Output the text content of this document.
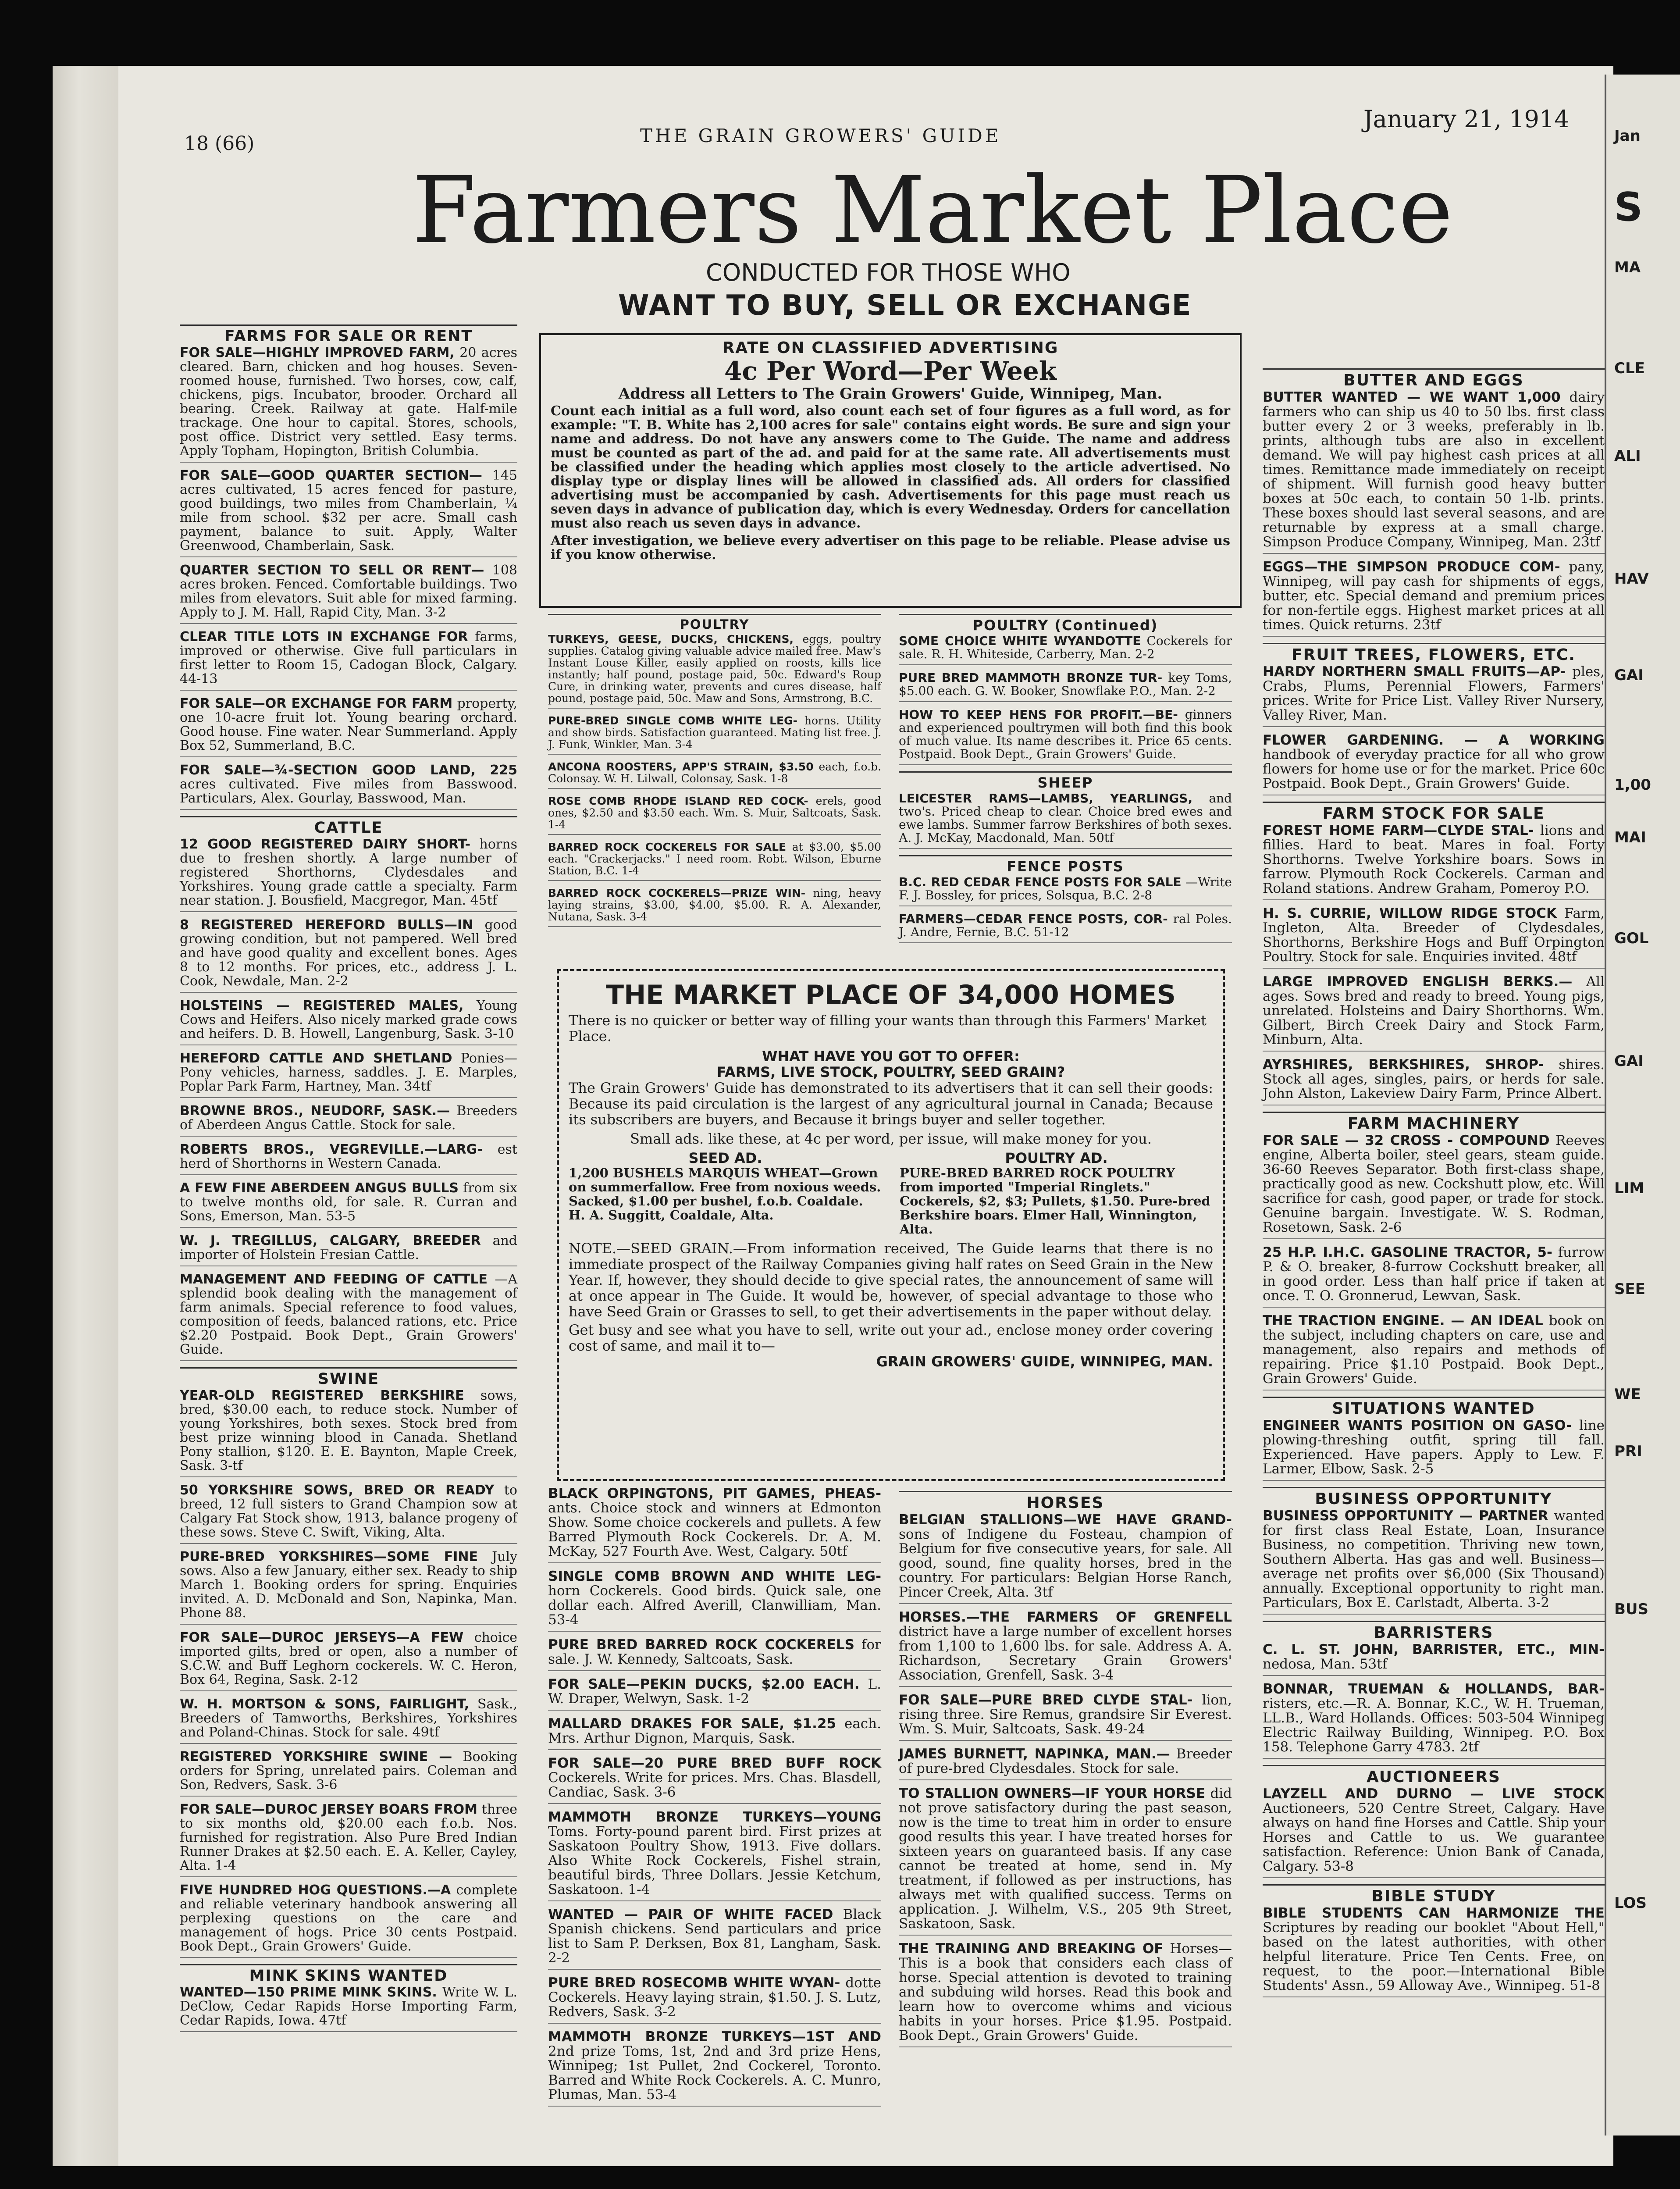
18 (66)	THE GRAIN GROWERS' GUIDE
January 21, 1914
Farmers Market Place
CONDUCTED FOR THOSE WHO
WANT TO BUY, SELL OR EXCHANGE
FARMS FOR SALE OR RENT
FOR SALE—HIGHLY IMPROVED FARM, 20 acres cleared. Barn, chicken and hog houses. Seven-roomed house, furnished. Two horses, cow, calf, chickens, pigs. Incubator, brooder. Orchard all bearing. Creek. Railway at gate. Half-mile trackage. One hour to capital. Stores, schools, post office. District very settled. Easy terms. Apply Topham, Hopington, British Columbia.
FOR SALE—GOOD QUARTER SECTION— 145 acres cultivated, 15 acres fenced for pasture, good buildings, two miles from Chamberlain, ¼ mile from school. $32 per acre. Small cash payment, balance to suit. Apply, Walter Greenwood, Chamberlain, Sask.
QUARTER SECTION TO SELL OR RENT— 108 acres broken. Fenced. Comfortable buildings. Two miles from elevators. Suit able for mixed farming. Apply to J. M. Hall, Rapid City, Man. 3-2
CLEAR TITLE LOTS IN EXCHANGE FOR farms, improved or otherwise. Give full particulars in first letter to Room 15, Cadogan Block, Calgary. 44-13
FOR SALE—OR EXCHANGE FOR FARM property, one 10-acre fruit lot. Young bearing orchard. Good house. Fine water. Near Summerland. Apply Box 52, Summerland, B.C.
FOR SALE—¾-SECTION GOOD LAND, 225 acres cultivated. Five miles from Basswood. Particulars, Alex. Gourlay, Basswood, Man.
CATTLE
12 GOOD REGISTERED DAIRY SHORT- horns due to freshen shortly. A large number of registered Shorthorns, Clydesdales and Yorkshires. Young grade cattle a specialty. Farm near station. J. Bousfield, Macgregor, Man. 45tf
8 REGISTERED HEREFORD BULLS—IN good growing condition, but not pampered. Well bred and have good quality and excellent bones. Ages 8 to 12 months. For prices, etc., address J. L. Cook, Newdale, Man. 2-2
HOLSTEINS — REGISTERED MALES, Young Cows and Heifers. Also nicely marked grade cows and heifers. D. B. Howell, Langenburg, Sask. 3-10
HEREFORD CATTLE AND SHETLAND Ponies—Pony vehicles, harness, saddles. J. E. Marples, Poplar Park Farm, Hartney, Man. 34tf
BROWNE BROS., NEUDORF, SASK.— Breeders of Aberdeen Angus Cattle. Stock for sale.
ROBERTS BROS., VEGREVILLE.—LARG- est herd of Shorthorns in Western Canada.
A FEW FINE ABERDEEN ANGUS BULLS from six to twelve months old, for sale. R. Curran and Sons, Emerson, Man. 53-5
W. J. TREGILLUS, CALGARY, BREEDER and importer of Holstein Fresian Cattle.
MANAGEMENT AND FEEDING OF CATTLE —A splendid book dealing with the management of farm animals. Special reference to food values, composition of feeds, balanced rations, etc. Price $2.20 Postpaid. Book Dept., Grain Growers' Guide.
SWINE
YEAR-OLD REGISTERED BERKSHIRE sows, bred, $30.00 each, to reduce stock. Number of young Yorkshires, both sexes. Stock bred from best prize winning blood in Canada. Shetland Pony stallion, $120. E. E. Baynton, Maple Creek, Sask. 3-tf
50 YORKSHIRE SOWS, BRED OR READY to breed, 12 full sisters to Grand Champion sow at Calgary Fat Stock show, 1913, balance progeny of these sows. Steve C. Swift, Viking, Alta.
PURE-BRED YORKSHIRES—SOME FINE July sows. Also a few January, either sex. Ready to ship March 1. Booking orders for spring. Enquiries invited. A. D. McDonald and Son, Napinka, Man. Phone 88.
FOR SALE—DUROC JERSEYS—A FEW choice imported gilts, bred or open, also a number of S.C.W. and Buff Leghorn cockerels. W. C. Heron, Box 64, Regina, Sask. 2-12
W. H. MORTSON & SONS, FAIRLIGHT, Sask., Breeders of Tamworths, Berkshires, Yorkshires and Poland-Chinas. Stock for sale. 49tf
REGISTERED YORKSHIRE SWINE — Booking orders for Spring, unrelated pairs. Coleman and Son, Redvers, Sask. 3-6
FOR SALE—DUROC JERSEY BOARS FROM three to six months old, $20.00 each f.o.b. Nos. furnished for registration. Also Pure Bred Indian Runner Drakes at $2.50 each. E. A. Keller, Cayley, Alta. 1-4
FIVE HUNDRED HOG QUESTIONS.—A complete and reliable veterinary handbook answering all perplexing questions on the care and management of hogs. Price 30 cents Postpaid. Book Dept., Grain Growers' Guide.
MINK SKINS WANTED
WANTED—150 PRIME MINK SKINS. Write W. L. DeClow, Cedar Rapids Horse Importing Farm, Cedar Rapids, Iowa. 47tf
RATE ON CLASSIFIED ADVERTISING
4c Per Word—Per Week
Address all Letters to The Grain Growers' Guide, Winnipeg, Man.
Count each initial as a full word, also count each set of four figures as a full word, as for example: "T. B. White has 2,100 acres for sale" contains eight words. Be sure and sign your name and address. Do not have any answers come to The Guide. The name and address must be counted as part of the ad. and paid for at the same rate. All advertisements must be classified under the heading which applies most closely to the article advertised. No display type or display lines will be allowed in classified ads. All orders for classified advertising must be accompanied by cash. Advertisements for this page must reach us seven days in advance of publication day, which is every Wednesday. Orders for cancellation must also reach us seven days in advance.
After investigation, we believe every advertiser on this page to be reliable. Please advise us if you know otherwise.
POULTRY
TURKEYS, GEESE, DUCKS, CHICKENS, eggs, poultry supplies. Catalog giving valuable advice mailed free. Maw's Instant Louse Killer, easily applied on roosts, kills lice instantly; half pound, postage paid, 50c. Edward's Roup Cure, in drinking water, prevents and cures disease, half pound, postage paid, 50c. Maw and Sons, Armstrong, B.C.
PURE-BRED SINGLE COMB WHITE LEG- horns. Utility and show birds. Satisfaction guaranteed. Mating list free. J. J. Funk, Winkler, Man. 3-4
ANCONA ROOSTERS, APP'S STRAIN, $3.50 each, f.o.b. Colonsay. W. H. Lilwall, Colonsay, Sask. 1-8
ROSE COMB RHODE ISLAND RED COCK- erels, good ones, $2.50 and $3.50 each. Wm. S. Muir, Saltcoats, Sask. 1-4
BARRED ROCK COCKERELS FOR SALE at $3.00, $5.00 each. "Crackerjacks." I need room. Robt. Wilson, Eburne Station, B.C. 1-4
BARRED ROCK COCKERELS—PRIZE WIN- ning, heavy laying strains, $3.00, $4.00, $5.00. R. A. Alexander, Nutana, Sask. 3-4
POULTRY (Continued)
SOME CHOICE WHITE WYANDOTTE Cockerels for sale. R. H. Whiteside, Carberry, Man. 2-2
PURE BRED MAMMOTH BRONZE TUR- key Toms, $5.00 each. G. W. Booker, Snowflake P.O., Man. 2-2
HOW TO KEEP HENS FOR PROFIT.—BE- ginners and experienced poultrymen will both find this book of much value. Its name describes it. Price 65 cents. Postpaid. Book Dept., Grain Growers' Guide.
SHEEP
LEICESTER RAMS—LAMBS, YEARLINGS, and two's. Priced cheap to clear. Choice bred ewes and ewe lambs. Summer farrow Berkshires of both sexes. A. J. McKay, Macdonald, Man. 50tf
FENCE POSTS
B.C. RED CEDAR FENCE POSTS FOR SALE —Write F. J. Bossley, for prices, Solsqua, B.C. 2-8
FARMERS—CEDAR FENCE POSTS, COR- ral Poles. J. Andre, Fernie, B.C. 51-12
THE MARKET PLACE OF 34,000 HOMES
There is no quicker or better way of filling your wants than through this Farmers' Market Place.
WHAT HAVE YOU GOT TO OFFER:
FARMS, LIVE STOCK, POULTRY, SEED GRAIN?
The Grain Growers' Guide has demonstrated to its advertisers that it can sell their goods: Because its paid circulation is the largest of any agricultural journal in Canada; Because its subscribers are buyers, and Because it brings buyer and seller together.
Small ads. like these, at 4c per word, per issue, will make money for you.
SEED AD.
1,200 BUSHELS MARQUIS WHEAT—Grown on summerfallow. Free from noxious weeds. Sacked, $1.00 per bushel, f.o.b. Coaldale. H. A. Suggitt, Coaldale, Alta.
POULTRY AD.
PURE-BRED BARRED ROCK POULTRY from imported "Imperial Ringlets." Cockerels, $2, $3; Pullets, $1.50. Pure-bred Berkshire boars. Elmer Hall, Winnington, Alta.
NOTE.—SEED GRAIN.—From information received, The Guide learns that there is no immediate prospect of the Railway Companies giving half rates on Seed Grain in the New Year. If, however, they should decide to give special rates, the announcement of same will at once appear in The Guide. It would be, however, of special advantage to those who have Seed Grain or Grasses to sell, to get their advertisements in the paper without delay.
Get busy and see what you have to sell, write out your ad., enclose money order covering cost of same, and mail it to—
GRAIN GROWERS' GUIDE, WINNIPEG, MAN.
BLACK ORPINGTONS, PIT GAMES, PHEAS- ants. Choice stock and winners at Edmonton Show. Some choice cockerels and pullets. A few Barred Plymouth Rock Cockerels. Dr. A. M. McKay, 527 Fourth Ave. West, Calgary. 50tf
SINGLE COMB BROWN AND WHITE LEG- horn Cockerels. Good birds. Quick sale, one dollar each. Alfred Averill, Clanwilliam, Man. 53-4
PURE BRED BARRED ROCK COCKERELS for sale. J. W. Kennedy, Saltcoats, Sask.
FOR SALE—PEKIN DUCKS, $2.00 EACH. L. W. Draper, Welwyn, Sask. 1-2
MALLARD DRAKES FOR SALE, $1.25 each. Mrs. Arthur Dignon, Marquis, Sask.
FOR SALE—20 PURE BRED BUFF ROCK Cockerels. Write for prices. Mrs. Chas. Blasdell, Candiac, Sask. 3-6
MAMMOTH BRONZE TURKEYS—YOUNG Toms. Forty-pound parent bird. First prizes at Saskatoon Poultry Show, 1913. Five dollars. Also White Rock Cockerels, Fishel strain, beautiful birds, Three Dollars. Jessie Ketchum, Saskatoon. 1-4
WANTED — PAIR OF WHITE FACED Black Spanish chickens. Send particulars and price list to Sam P. Derksen, Box 81, Langham, Sask. 2-2
PURE BRED ROSECOMB WHITE WYAN- dotte Cockerels. Heavy laying strain, $1.50. J. S. Lutz, Redvers, Sask. 3-2
MAMMOTH BRONZE TURKEYS—1ST AND 2nd prize Toms, 1st, 2nd and 3rd prize Hens, Winnipeg; 1st Pullet, 2nd Cockerel, Toronto. Barred and White Rock Cockerels. A. C. Munro, Plumas, Man. 53-4
HORSES
BELGIAN STALLIONS—WE HAVE GRAND- sons of Indigene du Fosteau, champion of Belgium for five consecutive years, for sale. All good, sound, fine quality horses, bred in the country. For particulars: Belgian Horse Ranch, Pincer Creek, Alta. 3tf
HORSES.—THE FARMERS OF GRENFELL district have a large number of excellent horses from 1,100 to 1,600 lbs. for sale. Address A. A. Richardson, Secretary Grain Growers' Association, Grenfell, Sask. 3-4
FOR SALE—PURE BRED CLYDE STAL- lion, rising three. Sire Remus, grandsire Sir Everest. Wm. S. Muir, Saltcoats, Sask. 49-24
JAMES BURNETT, NAPINKA, MAN.— Breeder of pure-bred Clydesdales. Stock for sale.
TO STALLION OWNERS—IF YOUR HORSE did not prove satisfactory during the past season, now is the time to treat him in order to ensure good results this year. I have treated horses for sixteen years on guaranteed basis. If any case cannot be treated at home, send in. My treatment, if followed as per instructions, has always met with qualified success. Terms on application. J. Wilhelm, V.S., 205 9th Street, Saskatoon, Sask.
THE TRAINING AND BREAKING OF Horses—This is a book that considers each class of horse. Special attention is devoted to training and subduing wild horses. Read this book and learn how to overcome whims and vicious habits in your horses. Price $1.95. Postpaid. Book Dept., Grain Growers' Guide.
BUTTER AND EGGS
BUTTER WANTED — WE WANT 1,000 dairy farmers who can ship us 40 to 50 lbs. first class butter every 2 or 3 weeks, preferably in lb. prints, although tubs are also in excellent demand. We will pay highest cash prices at all times. Remittance made immediately on receipt of shipment. Will furnish good heavy butter boxes at 50c each, to contain 50 1-lb. prints. These boxes should last several seasons, and are returnable by express at a small charge. Simpson Produce Company, Winnipeg, Man. 23tf
EGGS—THE SIMPSON PRODUCE COM- pany, Winnipeg, will pay cash for shipments of eggs, butter, etc. Special demand and premium prices for non-fertile eggs. Highest market prices at all times. Quick returns. 23tf
FRUIT TREES, FLOWERS, ETC.
HARDY NORTHERN SMALL FRUITS—AP- ples, Crabs, Plums, Perennial Flowers, Farmers' prices. Write for Price List. Valley River Nursery, Valley River, Man.
FLOWER GARDENING. — A WORKING handbook of everyday practice for all who grow flowers for home use or for the market. Price 60c Postpaid. Book Dept., Grain Growers' Guide.
FARM STOCK FOR SALE
FOREST HOME FARM—CLYDE STAL- lions and fillies. Hard to beat. Mares in foal. Forty Shorthorns. Twelve Yorkshire boars. Sows in farrow. Plymouth Rock Cockerels. Carman and Roland stations. Andrew Graham, Pomeroy P.O.
H. S. CURRIE, WILLOW RIDGE STOCK Farm, Ingleton, Alta. Breeder of Clydesdales, Shorthorns, Berkshire Hogs and Buff Orpington Poultry. Stock for sale. Enquiries invited. 48tf
LARGE IMPROVED ENGLISH BERKS.— All ages. Sows bred and ready to breed. Young pigs, unrelated. Holsteins and Dairy Shorthorns. Wm. Gilbert, Birch Creek Dairy and Stock Farm, Minburn, Alta.
AYRSHIRES, BERKSHIRES, SHROP- shires. Stock all ages, singles, pairs, or herds for sale. John Alston, Lakeview Dairy Farm, Prince Albert.
FARM MACHINERY
FOR SALE — 32 CROSS - COMPOUND Reeves engine, Alberta boiler, steel gears, steam guide. 36-60 Reeves Separator. Both first-class shape, practically good as new. Cockshutt plow, etc. Will sacrifice for cash, good paper, or trade for stock. Genuine bargain. Investigate. W. S. Rodman, Rosetown, Sask. 2-6
25 H.P. I.H.C. GASOLINE TRACTOR, 5- furrow P. & O. breaker, 8-furrow Cockshutt breaker, all in good order. Less than half price if taken at once. T. O. Gronnerud, Lewvan, Sask.
THE TRACTION ENGINE. — AN IDEAL book on the subject, including chapters on care, use and management, also repairs and methods of repairing. Price $1.10 Postpaid. Book Dept., Grain Growers' Guide.
SITUATIONS WANTED
ENGINEER WANTS POSITION ON GASO- line plowing-threshing outfit, spring till fall. Experienced. Have papers. Apply to Lew. F. Larmer, Elbow, Sask. 2-5
BUSINESS OPPORTUNITY
BUSINESS OPPORTUNITY — PARTNER wanted for first class Real Estate, Loan, Insurance Business, no competition. Thriving new town, Southern Alberta. Has gas and well. Business—average net profits over $6,000 (Six Thousand) annually. Exceptional opportunity to right man. Particulars, Box E. Carlstadt, Alberta. 3-2
BARRISTERS
C. L. ST. JOHN, BARRISTER, ETC., MIN- nedosa, Man. 53tf
BONNAR, TRUEMAN & HOLLANDS, BAR- risters, etc.—R. A. Bonnar, K.C., W. H. Trueman, LL.B., Ward Hollands. Offices: 503-504 Winnipeg Electric Railway Building, Winnipeg. P.O. Box 158. Telephone Garry 4783. 2tf
AUCTIONEERS
LAYZELL AND DURNO — LIVE STOCK Auctioneers, 520 Centre Street, Calgary. Have always on hand fine Horses and Cattle. Ship your Horses and Cattle to us. We guarantee satisfaction. Reference: Union Bank of Canada, Calgary. 53-8
BIBLE STUDY
BIBLE STUDENTS CAN HARMONIZE THE Scriptures by reading our booklet "About Hell," based on the latest authorities, with other helpful literature. Price Ten Cents. Free, on request, to the poor.—International Bible Students' Assn., 59 Alloway Ave., Winnipeg. 51-8
Jan
S
MA
CLE
ALI
HAV
GAI
1,00
MAI
GOL
GAI
LIM
SEE
WE
PRI
BUS
LOS
